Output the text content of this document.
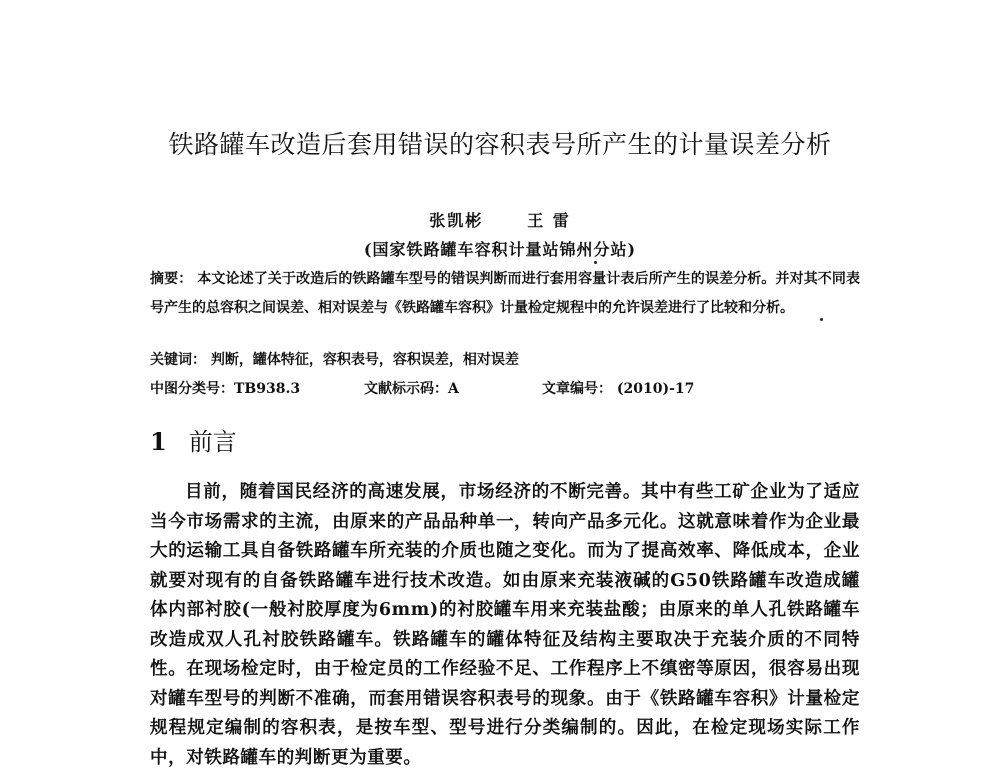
铁路罐车改造后套用错误的容积表号所产生的计量误差分析
张凯彬	王 雷
(国家铁路罐车容积计量站锦州分站)
摘要： 本文论述了关于改造后的铁路罐车型号的错误判断而进行套用容量计表后所产生的误差分析。并对其不同表号产生的总容积之间误差、相对误差与《铁路罐车容积》计量检定规程中的允许误差进行了比较和分析。
关键词： 判断，罐体特征，容积表号，容积误差，相对误差
中图分类号：TB938.3	文献标示码：A	文章编号： (2010)-17
1 前言
目前，随着国民经济的高速发展，市场经济的不断完善。其中有些工矿企业为了适应当今市场需求的主流，由原来的产品品种单一，转向产品多元化。这就意味着作为企业最大的运输工具自备铁路罐车所充装的介质也随之变化。而为了提高效率、降低成本，企业就要对现有的自备铁路罐车进行技术改造。如由原来充装液碱的G50铁路罐车改造成罐体内部衬胶(一般衬胶厚度为6mm)的衬胶罐车用来充装盐酸；由原来的单人孔铁路罐车改造成双人孔衬胶铁路罐车。铁路罐车的罐体特征及结构主要取决于充装介质的不同特性。在现场检定时，由于检定员的工作经验不足、工作程序上不缜密等原因，很容易出现对罐车型号的判断不准确，而套用错误容积表号的现象。由于《铁路罐车容积》计量检定规程规定编制的容积表，是按车型、型号进行分类编制的。因此，在检定现场实际工作中，对铁路罐车的判断更为重要。
